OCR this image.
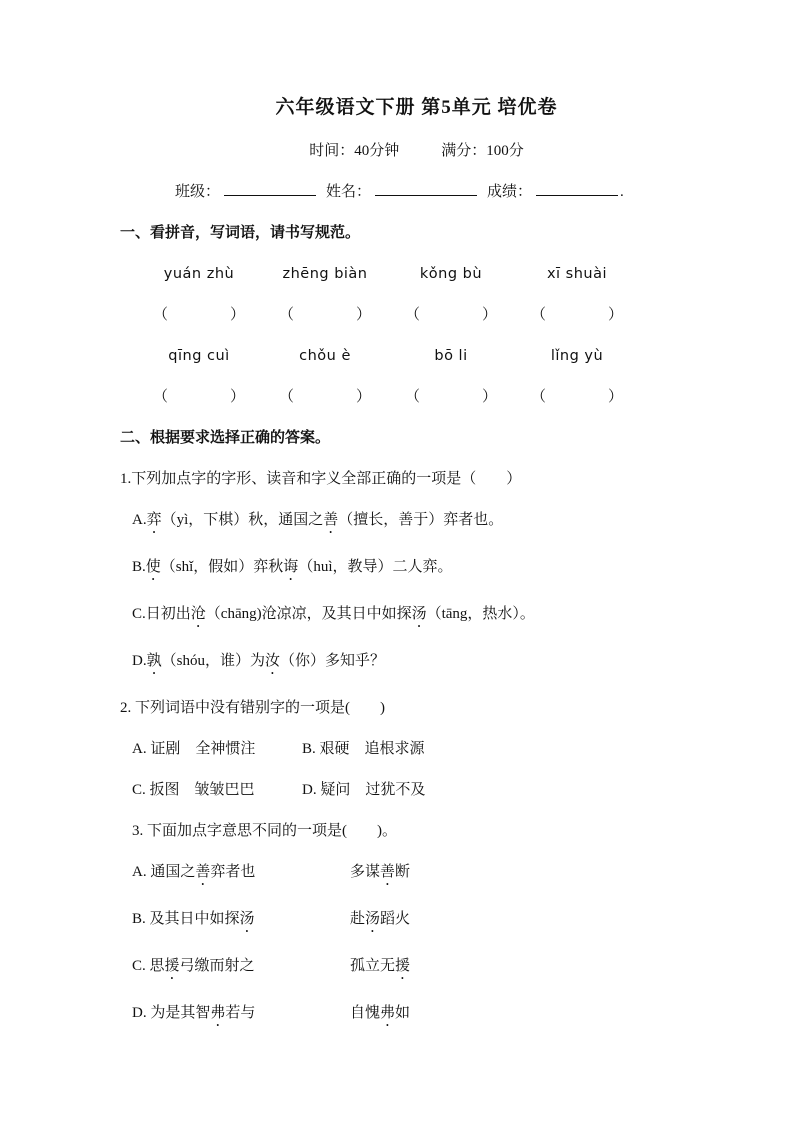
六年级语文下册 第5单元 培优卷
时间：40分钟	满分：100分
班级：	姓名：	成绩：	.
一、看拼音，写词语，请书写规范。
yuán zhù	zhēng biàn	kǒng bù	xī shuài
（	） （	） （	） （	）
qīng cuì	chǒu è	bō li	lǐng yù
（	） （	） （	） （	）
二、根据要求选择正确的答案。
1.下列加点字的字形、读音和字义全部正确的一项是（　　）
A.弈（yì，下棋）秋，通国之善（擅长，善于）弈者也。
B.使（shǐ，假如）弈秋诲（huì，教导）二人弈。
C.日初出沧（chāng)沧凉凉，及其日中如探汤（tāng，热水）。
D.孰（shóu，谁）为汝（你）多知乎？
2. 下列词语中没有错别字的一项是(　　)
A. 证剧　全神惯注	B. 艰硬　追根求源
C. 扳图　皱皱巴巴	D. 疑问　过犹不及
3. 下面加点字意思不同的一项是(　　)。
A. 通国之善弈者也	多谋善断
B. 及其日中如探汤	赴汤蹈火
C. 思援弓缴而射之	孤立无援
D. 为是其智弗若与	自愧弗如
